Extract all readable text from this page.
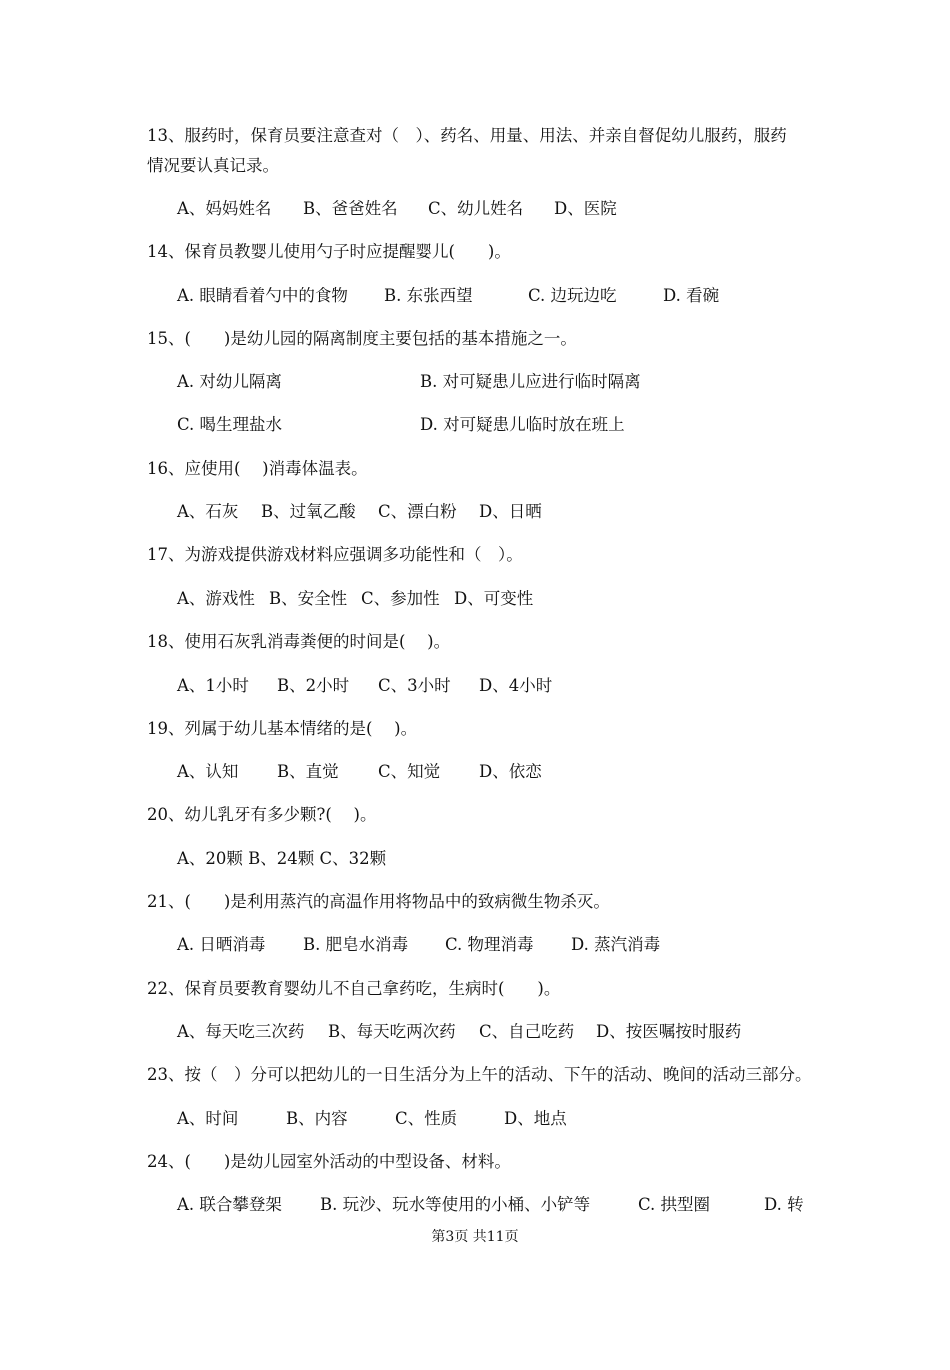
13、服药时，保育员要注意查对（　）、药名、用量、用法、并亲自督促幼儿服药，服药
情况要认真记录。

A、妈妈姓名

B、爸爸姓名

C、幼儿姓名

D、医院

14、保育员教婴儿使用勺子时应提醒婴儿(　　)。

A. 眼睛看着勺中的食物

B. 东张西望

	C. 边玩边吃

	D. 看碗

15、(　　)是幼儿园的隔离制度主要包括的基本措施之一。

A. 对幼儿隔离

	B. 对可疑患儿应进行临时隔离

C. 喝生理盐水

	D. 对可疑患儿临时放在班上

16、应使用(　 )消毒体温表。

A、石灰

B、过氧乙酸

C、漂白粉

D、日晒

17、为游戏提供游戏材料应强调多功能性和（　）。

A、游戏性

B、安全性

C、参加性

D、可变性

18、使用石灰乳消毒粪便的时间是(　 )。

A、1小时

B、2小时

C、3小时

D、4小时

19、列属于幼儿基本情绪的是(　 )。

A、认知

B、直觉

C、知觉

D、依恋

20、幼儿乳牙有多少颗?(　 )。

A、20颗 B、24颗 C、32颗

21、(　　)是利用蒸汽的高温作用将物品中的致病微生物杀灭。

A. 日晒消毒

B. 肥皂水消毒

C. 物理消毒

D. 蒸汽消毒

22、保育员要教育婴幼儿不自己拿药吃，生病时(　　)。

A、每天吃三次药

B、每天吃两次药

C、自己吃药

D、按医嘱按时服药

23、按（　）分可以把幼儿的一日生活分为上午的活动、下午的活动、晚间的活动三部分。

A、时间

	B、内容

	C、性质

	D、地点

24、(　　)是幼儿园室外活动的中型设备、材料。

A. 联合攀登架

B. 玩沙、玩水等使用的小桶、小铲等

	C. 拱型圈

	D. 转

第3页 共11页
